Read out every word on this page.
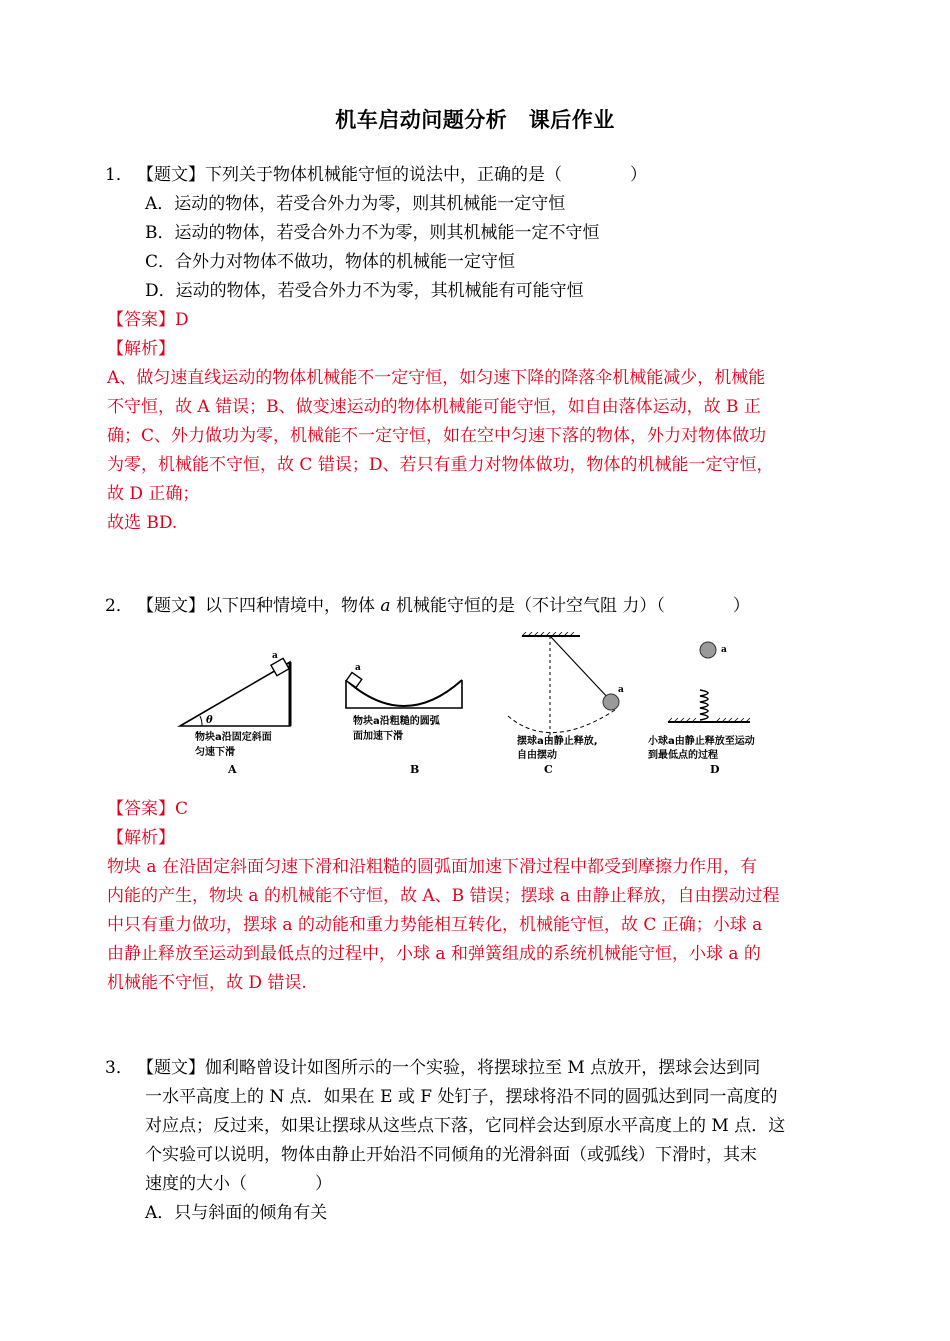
机车启动问题分析　课后作业
1． 【题文】下列关于物体机械能守恒的说法中，正确的是（　　　　）
A．运动的物体，若受合外力为零，则其机械能一定守恒
B．运动的物体，若受合外力不为零，则其机械能一定不守恒
C．合外力对物体不做功，物体的机械能一定守恒
D．运动的物体，若受合外力不为零，其机械能有可能守恒
【答案】D
【解析】
A、做匀速直线运动的物体机械能不一定守恒，如匀速下降的降落伞机械能减少，机械能
不守恒，故 A 错误；B、做变速运动的物体机械能可能守恒，如自由落体运动，故 B 正
确；C、外力做功为零，机械能不一定守恒，如在空中匀速下落的物体，外力对物体做功
为零，机械能不守恒，故 C 错误；D、若只有重力对物体做功，物体的机械能一定守恒，
故 D 正确；
故选 BD.
2． 【题文】以下四种情境中，物体 a 机械能守恒的是（不计空气阻 力）（　　　　）
a
θ
物块a沿固定斜面
匀速下滑
A
a
物块a沿粗糙的圆弧
面加速下滑
B
a
摆球a由静止释放,
自由摆动
C
a
小球a由静止释放至运动
到最低点的过程
D
【答案】C
【解析】
物块 a 在沿固定斜面匀速下滑和沿粗糙的圆弧面加速下滑过程中都受到摩擦力作用，有
内能的产生，物块 a 的机械能不守恒，故 A、B 错误；摆球 a 由静止释放，自由摆动过程
中只有重力做功，摆球 a 的动能和重力势能相互转化，机械能守恒，故 C 正确；小球 a
由静止释放至运动到最低点的过程中，小球 a 和弹簧组成的系统机械能守恒，小球 a 的
机械能不守恒，故 D 错误.
3． 【题文】伽利略曾设计如图所示的一个实验，将摆球拉至 M 点放开，摆球会达到同
一水平高度上的 N 点．如果在 E 或 F 处钉子，摆球将沿不同的圆弧达到同一高度的
对应点；反过来，如果让摆球从这些点下落，它同样会达到原水平高度上的 M 点．这
个实验可以说明，物体由静止开始沿不同倾角的光滑斜面（或弧线）下滑时，其末
速度的大小（　　　　）
A．只与斜面的倾角有关
